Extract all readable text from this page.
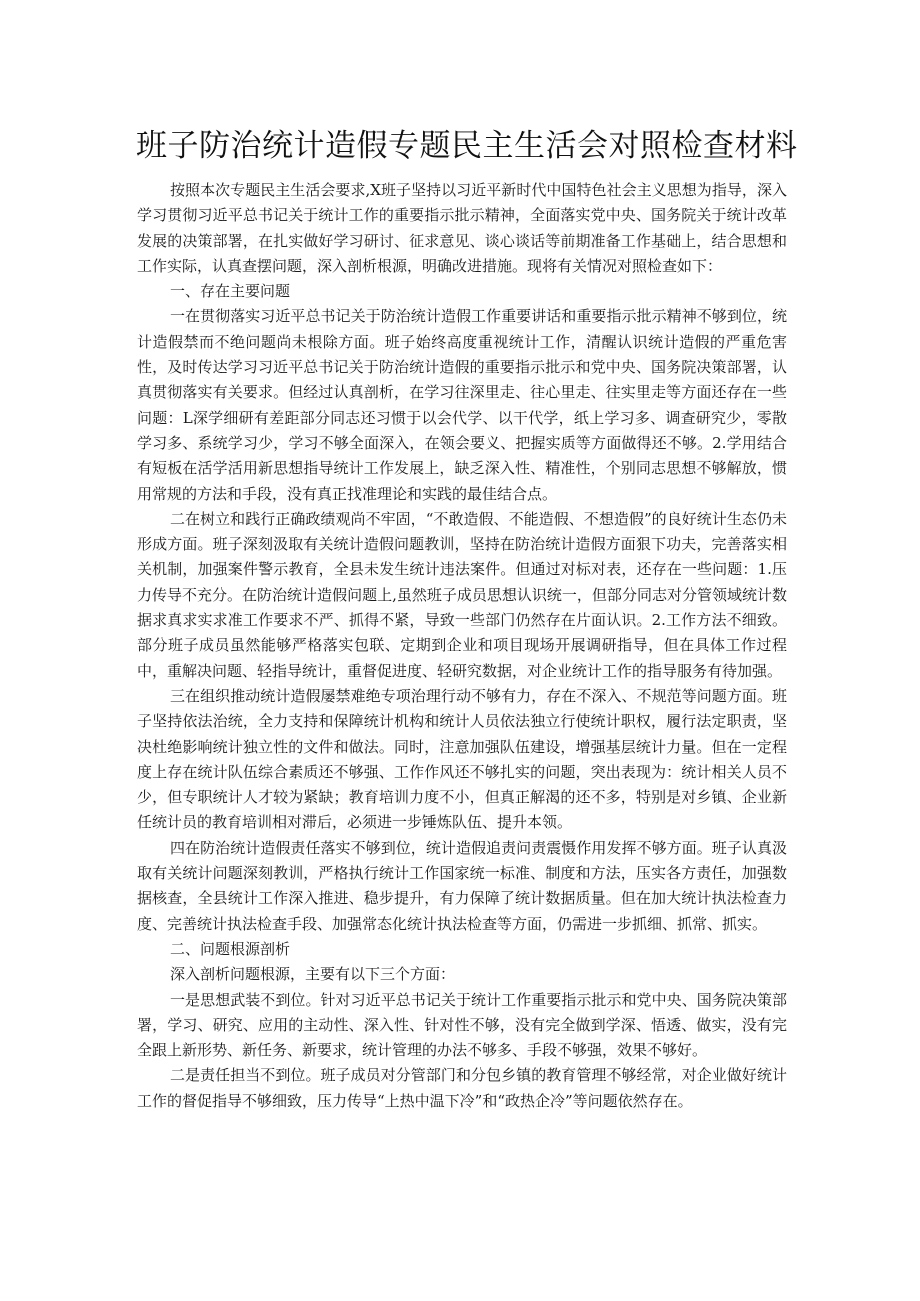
班子防治统计造假专题民主生活会对照检查材料

按照本次专题民主生活会要求,X班子坚持以习近平新时代中国特色社会主义思想为指导，深入学习贯彻习近平总书记关于统计工作的重要指示批示精神，全面落实党中央、国务院关于统计改革发展的决策部署，在扎实做好学习研讨、征求意见、谈心谈话等前期准备工作基础上，结合思想和工作实际，认真查摆问题，深入剖析根源，明确改进措施。现将有关情况对照检查如下：

一、存在主要问题

一在贯彻落实习近平总书记关于防治统计造假工作重要讲话和重要指示批示精神不够到位，统计造假禁而不绝问题尚未根除方面。班子始终高度重视统计工作，清醒认识统计造假的严重危害性，及时传达学习习近平总书记关于防治统计造假的重要指示批示和党中央、国务院决策部署，认真贯彻落实有关要求。但经过认真剖析，在学习往深里走、往心里走、往实里走等方面还存在一些问题：L深学细研有差距部分同志还习惯于以会代学、以干代学，纸上学习多、调查研究少，零散学习多、系统学习少，学习不够全面深入，在领会要义、把握实质等方面做得还不够。2.学用结合有短板在活学活用新思想指导统计工作发展上，缺乏深入性、精准性，个别同志思想不够解放，惯用常规的方法和手段，没有真正找准理论和实践的最佳结合点。

二在树立和践行正确政绩观尚不牢固，“不敢造假、不能造假、不想造假”的良好统计生态仍未形成方面。班子深刻汲取有关统计造假问题教训，坚持在防治统计造假方面狠下功夫，完善落实相关机制，加强案件警示教育，全县未发生统计违法案件。但通过对标对表，还存在一些问题：1.压力传导不充分。在防治统计造假问题上,虽然班子成员思想认识统一，但部分同志对分管领域统计数据求真求实求准工作要求不严、抓得不紧，导致一些部门仍然存在片面认识。2.工作方法不细致。部分班子成员虽然能够严格落实包联、定期到企业和项目现场开展调研指导，但在具体工作过程中，重解决问题、轻指导统计，重督促进度、轻研究数据，对企业统计工作的指导服务有待加强。

三在组织推动统计造假屡禁难绝专项治理行动不够有力，存在不深入、不规范等问题方面。班子坚持依法治统，全力支持和保障统计机构和统计人员依法独立行使统计职权，履行法定职责，坚决杜绝影响统计独立性的文件和做法。同时，注意加强队伍建设，增强基层统计力量。但在一定程度上存在统计队伍综合素质还不够强、工作作风还不够扎实的问题，突出表现为：统计相关人员不少，但专职统计人才较为紧缺；教育培训力度不小，但真正解渴的还不多，特别是对乡镇、企业新任统计员的教育培训相对滞后，必须进一步锤炼队伍、提升本领。

四在防治统计造假责任落实不够到位，统计造假追责问责震慑作用发挥不够方面。班子认真汲取有关统计问题深刻教训，严格执行统计工作国家统一标准、制度和方法，压实各方责任，加强数据核查，全县统计工作深入推进、稳步提升，有力保障了统计数据质量。但在加大统计执法检查力度、完善统计执法检查手段、加强常态化统计执法检查等方面，仍需进一步抓细、抓常、抓实。

二、问题根源剖析

深入剖析问题根源，主要有以下三个方面：

一是思想武装不到位。针对习近平总书记关于统计工作重要指示批示和党中央、国务院决策部署，学习、研究、应用的主动性、深入性、针对性不够，没有完全做到学深、悟透、做实，没有完全跟上新形势、新任务、新要求，统计管理的办法不够多、手段不够强，效果不够好。

二是责任担当不到位。班子成员对分管部门和分包乡镇的教育管理不够经常，对企业做好统计工作的督促指导不够细致，压力传导“上热中温下冷”和“政热企冷”等问题依然存在。
